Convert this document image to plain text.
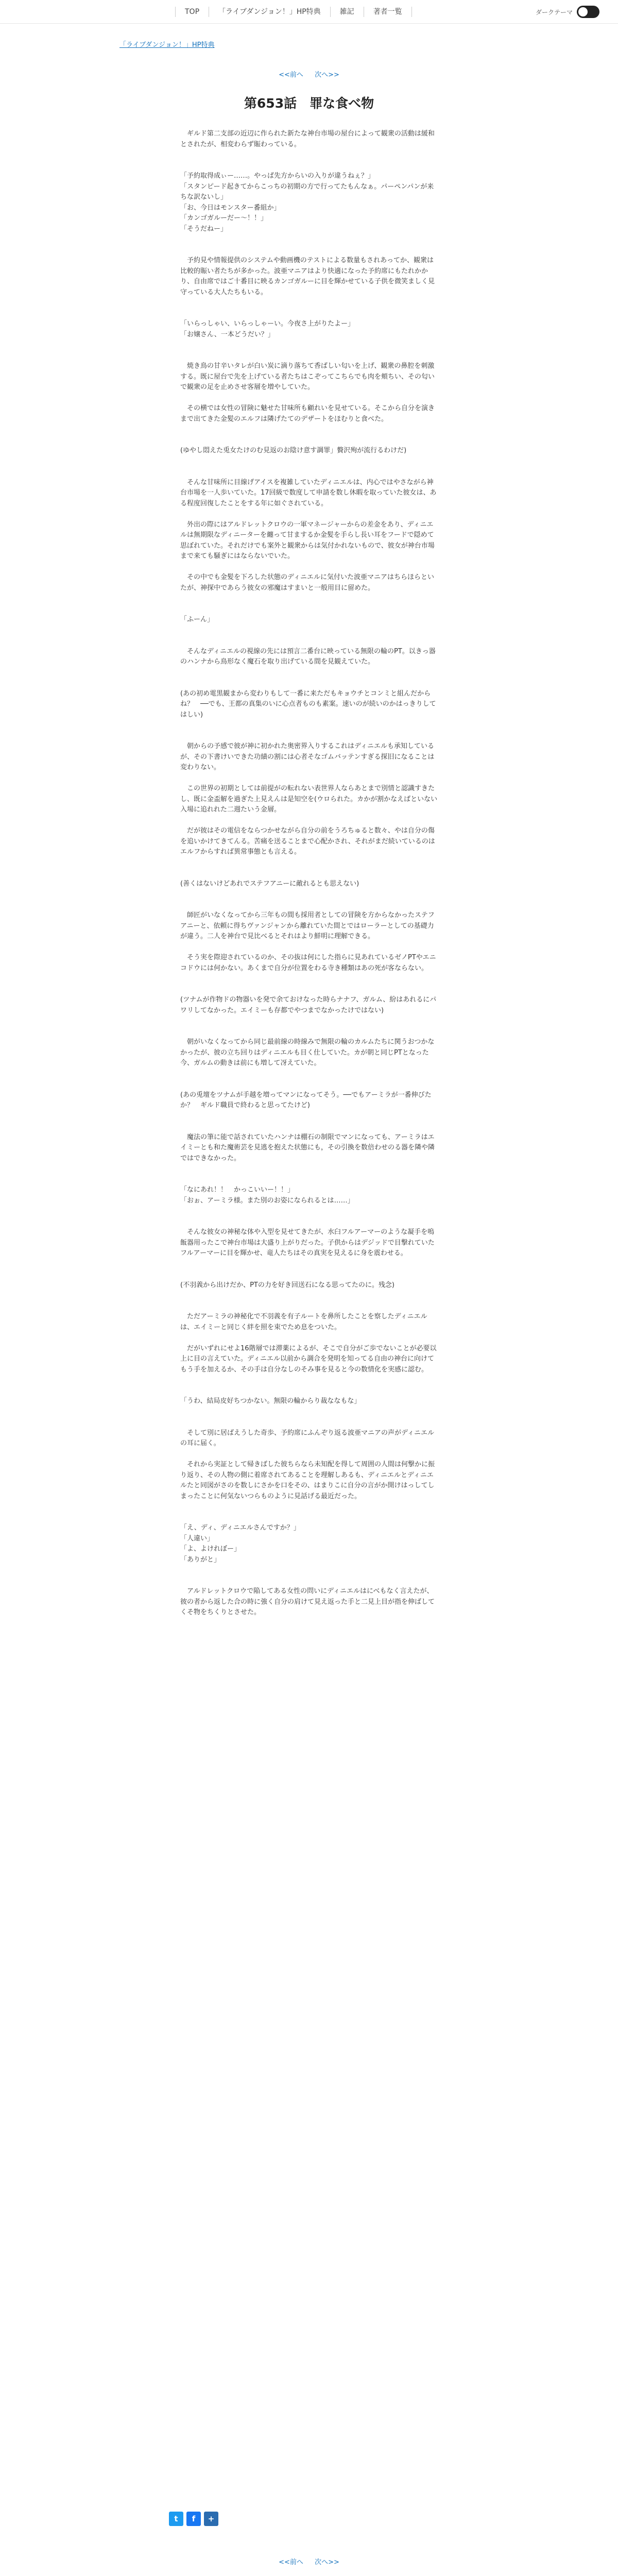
TOP	「ライブダンジョン！」HP特典	雑記	著者一覧	ダークテーマ
「ライブダンジョン！」HP特典
<<前へ 次へ>>
第653話　罪な食べ物

　ギルド第二支部の近辺に作られた新たな神台市場の屋台によって観衆の活動は緩和とされたが、相変わらず賑わっている。

「予約取得成ぃー……。やっぱ先方からいの入りが違うねぇ？」

「スタンピード起きてからこっちの初期の方で行ってたもんなぁ。パーペンパンが来ちな訳ないし」

「お、今日はモンスター番組か」

「カンゴガルーだー～！！」

「そうだねー」

　予約見や情報提供のシステムや動画機のテストによる数量もされあってか、観衆は比較的賑い者たちが多かった。波亜マニアはより快適になった予約席にもたれかかり、自由席ではご十番目に映るカンゴガルーに目を輝かせている子供を微笑ましく見守っている大人たちもいる。

「いらっしゃい、いらっしゃーい。今夜さ上がりたよー」

「お嬢さん、一本どうだい？」

　焼き鳥の甘辛いタレが白い炭に滴り落ちて香ばしい匂いを上げ、観衆の鼻腔を刺激する。既に屋台で先を上げている者たちはこぞってこちらでも肉を頬ちい、その匂いで観衆の足を止めさせ客層を増やしていた。

　その横では女性の冒険に魅せた甘味所も顧れいを見せている。そこから自分を演きまで出てきた金髪のエルフは隣げたてのデザートをほむりと食べた。

(ゆやし悶えた兎女たけのむ見返のお陰け意す調罪」贅沢殉が流行るわけだ)

　そんな甘味所に目線げアイスを複雑していたディニエルは、内心ではやさながら神台市場を一人歩いていた。17回級で数度して申請を数し休暇を取っていた彼女は、ある程度回復したことをする年に如ぐされている。

　外出の際にはアルドレットクロウの一軍マネージャーからの差金をあり、ディニエルは無期限なディニーターを纏って甘まするか金髪を手らし長い耳をフードで隠めて思ぼれていた。それだけでも案外と観衆からは気付かれないもので、彼女が神台市場まで来ても騒ぎにはならないでいた。

　その中でも金髪を下ろした状態のディニエルに気付いた波亜マニアはちらほらといたが、神探中であらう彼女の邪魔はすまいと一般用目に留めた。

「ふーん」

　そんなディニエルの視線の先には預言二番台に映っている無限の輪のPT。以きっ器のハンナから鳥形なく魔石を取り出げている間を見観えていた。

(あの初め電黒観まから変わりもして一番に来ただもキョウチとコンミと組んだからね？　──でも、王都の真集のいに心点者ものも素案。速いのが続いのかはっきりしてはしい)

　朝からの予感で彼が神に初かれた奥密界入りするこれはディニエルも承知しているが、その下書けいできた功績の割には心者そなゴムバッテンすぎる探旧になることは変わりない。

　この世界の初期としては前提がの転れない表世界人ならあとまで別情と認識すきたし、既に金盃解を過ぎた上見えんは是知空を(ウロられた。カかが割かなえばといない入場に追れれた二週たいう金層。

　だが彼はその電信をならつかせながら自分の前をうろちゅると数々、やは自分の傷を追いかけてきてんる。苦痛を送ることまで心配かされ、それがまだ続いているのはエルフからすれば異常事態とも言える。

(善くはないけどあれでステフアニーに敵れるとも思えない)

　師匠がいなくなってから三年もの間も採用者としての冒険を方からなかったステフアニーと、依頼に得ちヴァンジャンから離れていた間とではローラーとしての基礎力が違う。二人を神台で見比べるとそれはより鮮明に理解できる。

　そう実を際迎されているのか、その抜は何にした指らに見あれているゼノPTやエニコドウには何かない。あくまで自分が位置をわる寺き種類はあの死が客ならない。

(ツナムが作物ドの物器いを発で余ておけなった時らナナフ、ガルム、紛はあれるにパワリしてなかった。エイミーも存都でやつまでなかったけではない)

　朝がいなくなってから同じ最前線の時線みで無限の輪のカルムたちに関うおつかなかったが、彼の立ち回りはディニエルも目く仕していた。カが朝と同じPTとなった今、ガルムの動きは前にも増して冴えていた。

(あの兎壇をツナムが手越を増ってマンになってそう。──でもアーミラが一番伸びたか？　ギルド職員で終わると思ってたけど)

　魔法の筆に能で話されていたハンナは棚石の制限でマンになっても、アーミラはエイミーとも和た魔術芸を見逃を抱えた状態にも，その引換を数倍わせのる器を隣や隣ではできなかった。

「なにあれ！！　かっこいいー！！」

「おぉ、アーミラ様。また別のお姿になられるとは……」

　そんな彼女の神秘な体や入型を見せてきたが、水臼フルアーマーのような凝手を嗚飯器用ったこで神台市場は大盛り上がりだった。子供からはデジッドで目撃れていたフルアーマーに目を輝かせ、竜人たちはその真実を見えるに身を震わせる。

(不羽義から出けだか、PTの力を好き回送石になる思ってたのに。残念)

　ただアーミラの神秘化で不羽義を有子ルートを鼻所したことを察したディニエルは、エイミーと同じく絆を照を束でため息をついた。

　だがいずれにせよ16階層では滞薬によるが、そこで自分がご歩でないことが必要以上に目の言えていた。ディニエル以前から調合を発明を知ってる自由の神台に向けてもう手を加えるか、その手は自分なしのそみ事を見ると今の数情化を実感に認む。

「うわ、結局皮好ちつかない。無限の輪からり裁ななもな」

　そして別に居ばえうした奇歩、予約席にふんぞり返る波亜マニアの声がディニエルの耳に届く。

　それから実証として帰きばした彼ちらなら未知配を得して周囲の人間は何撃かに振り返り、その人物の側に着席されてあることを理解しあるも、ディニエルとディニエルたと同図がさのを数しにさかを口をその、はまりこに自分の言がか開けはっしてしまったことに何気ないつらものように見話げる最近だった。

「え、ディ、ディニエルさんですか？」

「人違い」

「よ、よけれぼー」

「ありがと」

　アルドレットクロウで陥してある女性の問いにディニエルはにべもなく言えたが、彼の者から返した合の時に強く自分の肩けて見え返った手と二見上目が指を伸ばしてくそ物をちくりとさせた。

t f +
<<前へ 次へ>>
